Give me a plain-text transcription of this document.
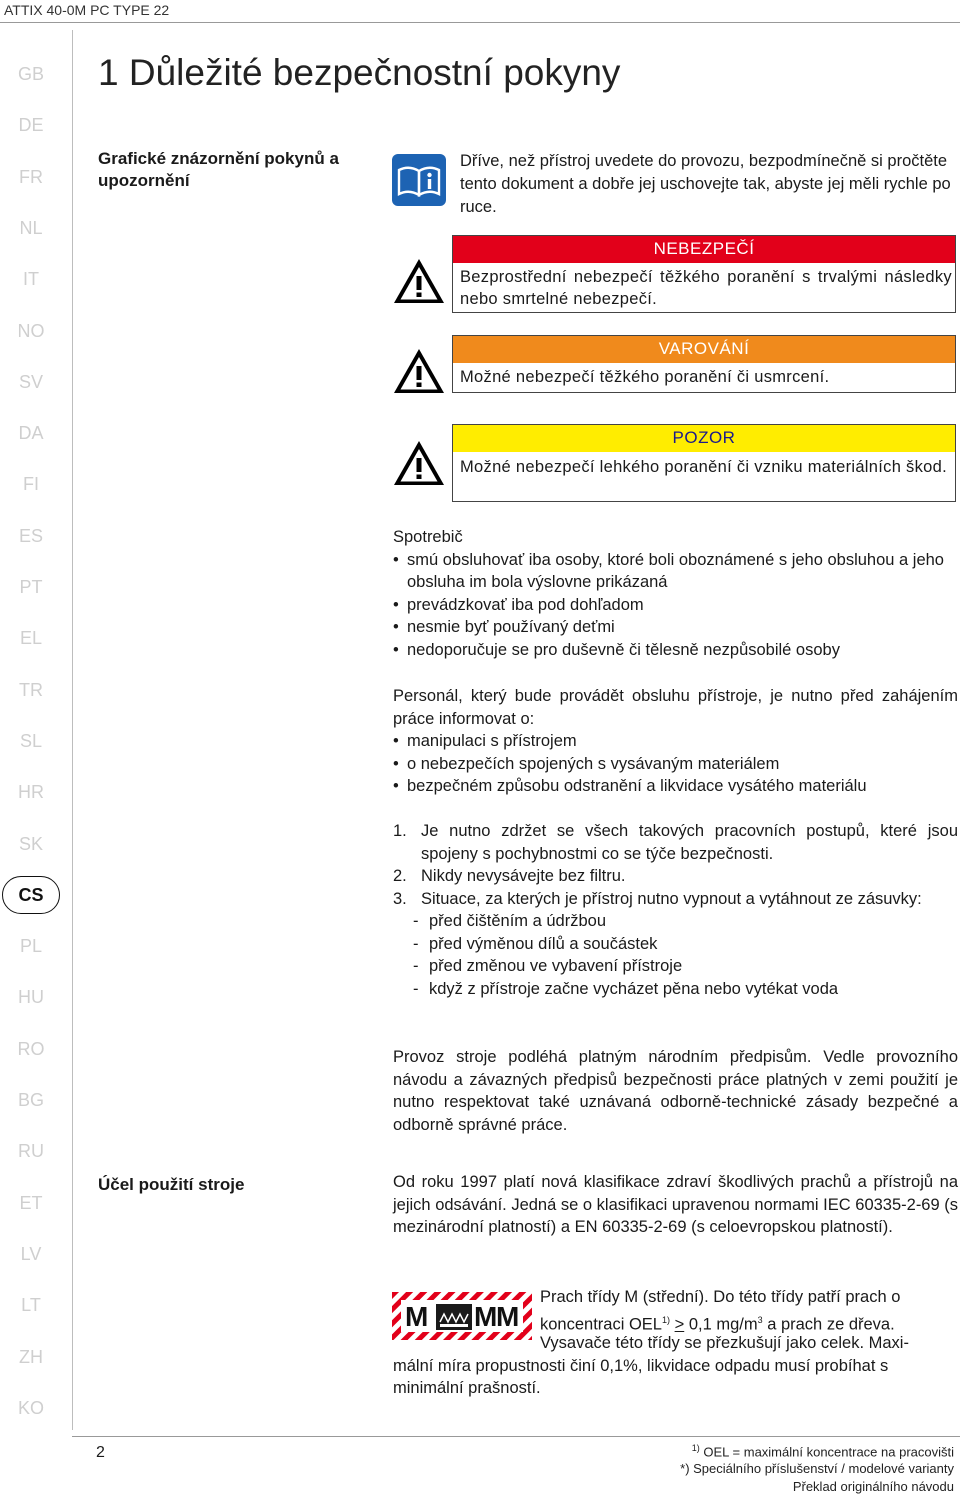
ATTIX 40-0M PC TYPE 22
GB
DE
FR
NL
IT
NO
SV
DA
FI
ES
PT
EL
TR
SL
HR
SK
CS
PL
HU
RO
BG
RU
ET
LV
LT
ZH
KO
1 Důležité bezpečnostní pokyny
Grafické znázornění pokynů a upozornění
Dříve, než přístroj uvedete do provozu, bezpodmínečně si pročtěte tento dokument a dobře jej uschovejte tak, abyste jej měli rychle po ruce.
NEBEZPEČÍ
Bezprostřední nebezpečí těžkého poranění s trvalými následky nebo smrtelné nebezpečí.
VAROVÁNÍ
Možné nebezpečí těžkého poranění či usmrcení.
POZOR
Možné nebezpečí lehkého poranění či vzniku materiálních škod.
Spotrebič
• smú obsluhovať iba osoby, ktoré boli oboznámené s jeho obsluhou a jeho obsluha im bola výslovne prikázaná
• prevádzkovať iba pod dohľadom
• nesmie byť používaný deťmi
• nedoporučuje se pro duševně či tělesně nezpůsobilé osoby
Personál, který bude provádět obsluhu přístroje, je nutno před zahájením práce informovat o:
• manipulaci s přístrojem
• o nebezpečích spojených s vysávaným materiálem
• bezpečném způsobu odstranění a likvidace vysátého materiálu
1. Je nutno zdržet se všech takových pracovních postupů, které jsou spojeny s pochybnostmi co se týče bezpečnosti.
2. Nikdy nevysávejte bez filtru.
3. Situace, za kterých je přístroj nutno vypnout a vytáhnout ze zásuvky:
- před čištěním a údržbou
- před výměnou dílů a součástek
- před změnou ve vybavení přístroje
- když z přístroje začne vycházet pěna nebo vytékat voda
Provoz stroje podléhá platným národním předpisům. Vedle provozního návodu a závazných předpisů bezpečnosti práce platných v zemi použití je nutno respektovat také uznávaná odborně-technické zásady bezpečné a odborně správné práce.
Účel použití stroje	Od roku 1997 platí nová klasifikace zdraví škodlivých prachů a přístrojů na jejich odsávání. Jedná se o klasifikaci upravenou normami IEC 60335-2-69 (s mezinárodní platností) a EN 60335-2-69 (s celoevropskou platností).
M M
M
Prach třídy M (střední). Do této třídy patří prach o
koncentraci $OEL^{1)} > 0,1$ $mg/m^3$ a prach ze dřeva.
Vysavače této třídy se přezkušují jako celek. Maxi-
mální míra propustnosti činí 0,1%, likvidace odpadu musí probíhat s
minimální prašností.
2	$^{1)}$ OEL = maximální koncentrace na pracovišti
*) Speciálního příslušenství / modelové varianty
Překlad originálního návodu
